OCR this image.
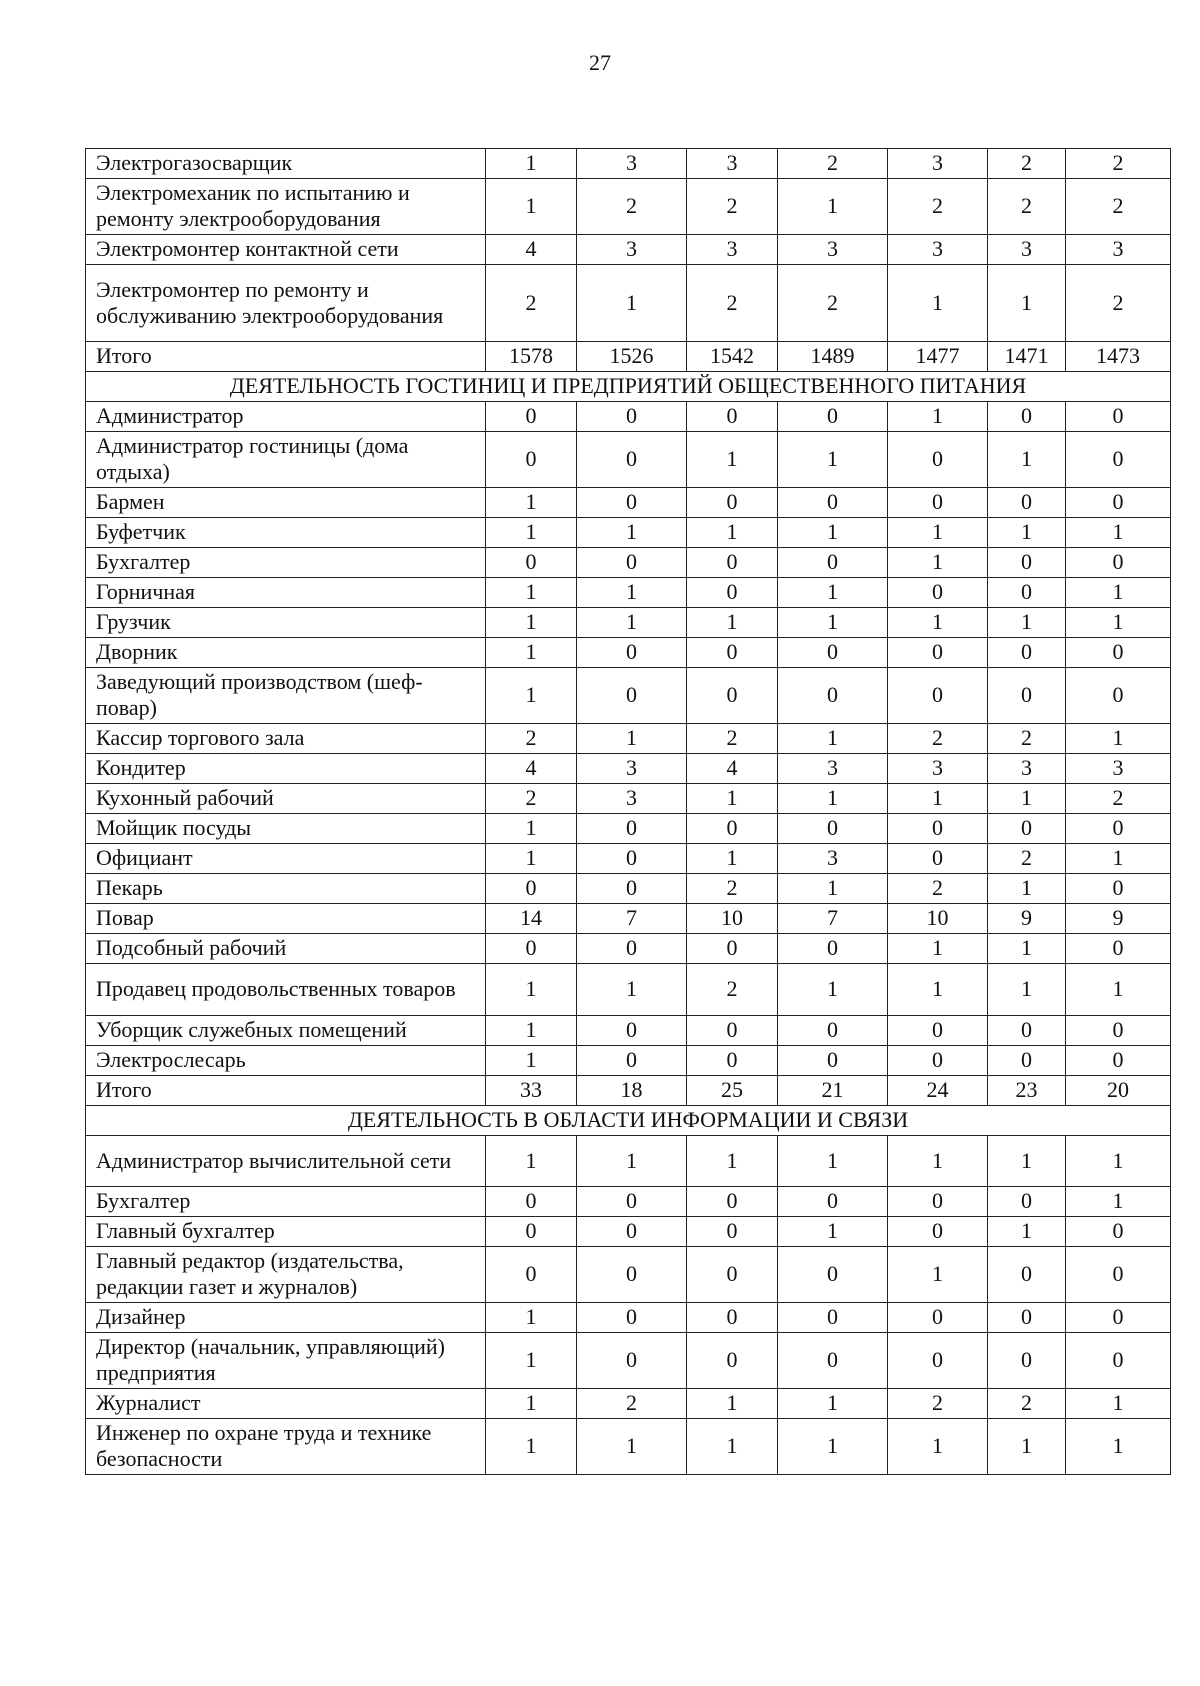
27
Электрогазосварщик	1	3	3	2	3	2	2
Электромеханик по испытанию и ремонту электрооборудования	1	2	2	1	2	2	2
Электромонтер контактной сети	4	3	3	3	3	3	3
Электромонтер по ремонту и обслуживанию электрооборудования	2	1	2	2	1	1	2
Итого	1578	1526	1542	1489	1477	1471	1473
ДЕЯТЕЛЬНОСТЬ ГОСТИНИЦ И ПРЕДПРИЯТИЙ ОБЩЕСТВЕННОГО ПИТАНИЯ							
Администратор	0	0	0	0	1	0	0
Администратор гостиницы (дома отдыха)	0	0	1	1	0	1	0
Бармен	1	0	0	0	0	0	0
Буфетчик	1	1	1	1	1	1	1
Бухгалтер	0	0	0	0	1	0	0
Горничная	1	1	0	1	0	0	1
Грузчик	1	1	1	1	1	1	1
Дворник	1	0	0	0	0	0	0
Заведующий производством (шеф-повар)	1	0	0	0	0	0	0
Кассир торгового зала	2	1	2	1	2	2	1
Кондитер	4	3	4	3	3	3	3
Кухонный рабочий	2	3	1	1	1	1	2
Мойщик посуды	1	0	0	0	0	0	0
Официант	1	0	1	3	0	2	1
Пекарь	0	0	2	1	2	1	0
Повар	14	7	10	7	10	9	9
Подсобный рабочий	0	0	0	0	1	1	0
Продавец продовольственных товаров	1	1	2	1	1	1	1
Уборщик служебных помещений	1	0	0	0	0	0	0
Электрослесарь	1	0	0	0	0	0	0
Итого	33	18	25	21	24	23	20
ДЕЯТЕЛЬНОСТЬ В ОБЛАСТИ ИНФОРМАЦИИ И СВЯЗИ							
Администратор вычислительной сети	1	1	1	1	1	1	1
Бухгалтер	0	0	0	0	0	0	1
Главный бухгалтер	0	0	0	1	0	1	0
Главный редактор (издательства, редакции газет и журналов)	0	0	0	0	1	0	0
Дизайнер	1	0	0	0	0	0	0
Директор (начальник, управляющий) предприятия	1	0	0	0	0	0	0
Журналист	1	2	1	1	2	2	1
Инженер по охране труда и технике безопасности	1	1	1	1	1	1	1
